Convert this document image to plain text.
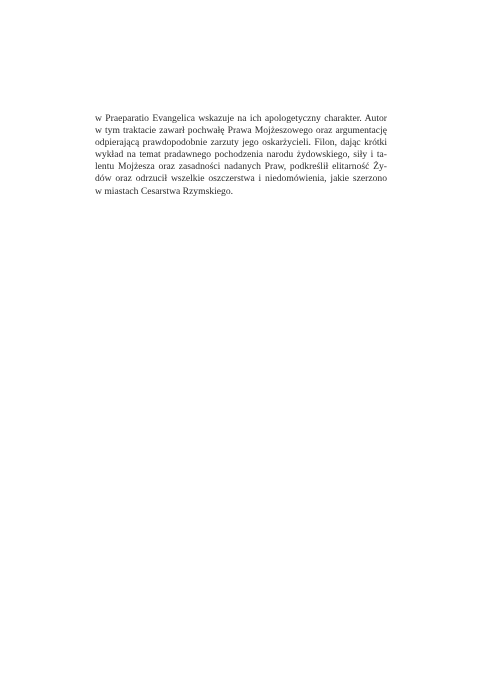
w Praeparatio Evangelica wskazuje na ich apologetyczny charakter. Autor
w tym traktacie zawarł pochwałę Prawa Mojżeszowego oraz argumentację
odpierającą prawdopodobnie zarzuty jego oskarżycieli. Filon, dając krótki
wykład na temat pradawnego pochodzenia narodu żydowskiego, siły i ta-
lentu Mojżesza oraz zasadności nadanych Praw, podkreślił elitarność Ży-
dów oraz odrzucił wszelkie oszczerstwa i niedomówienia, jakie szerzono
w miastach Cesarstwa Rzymskiego.
